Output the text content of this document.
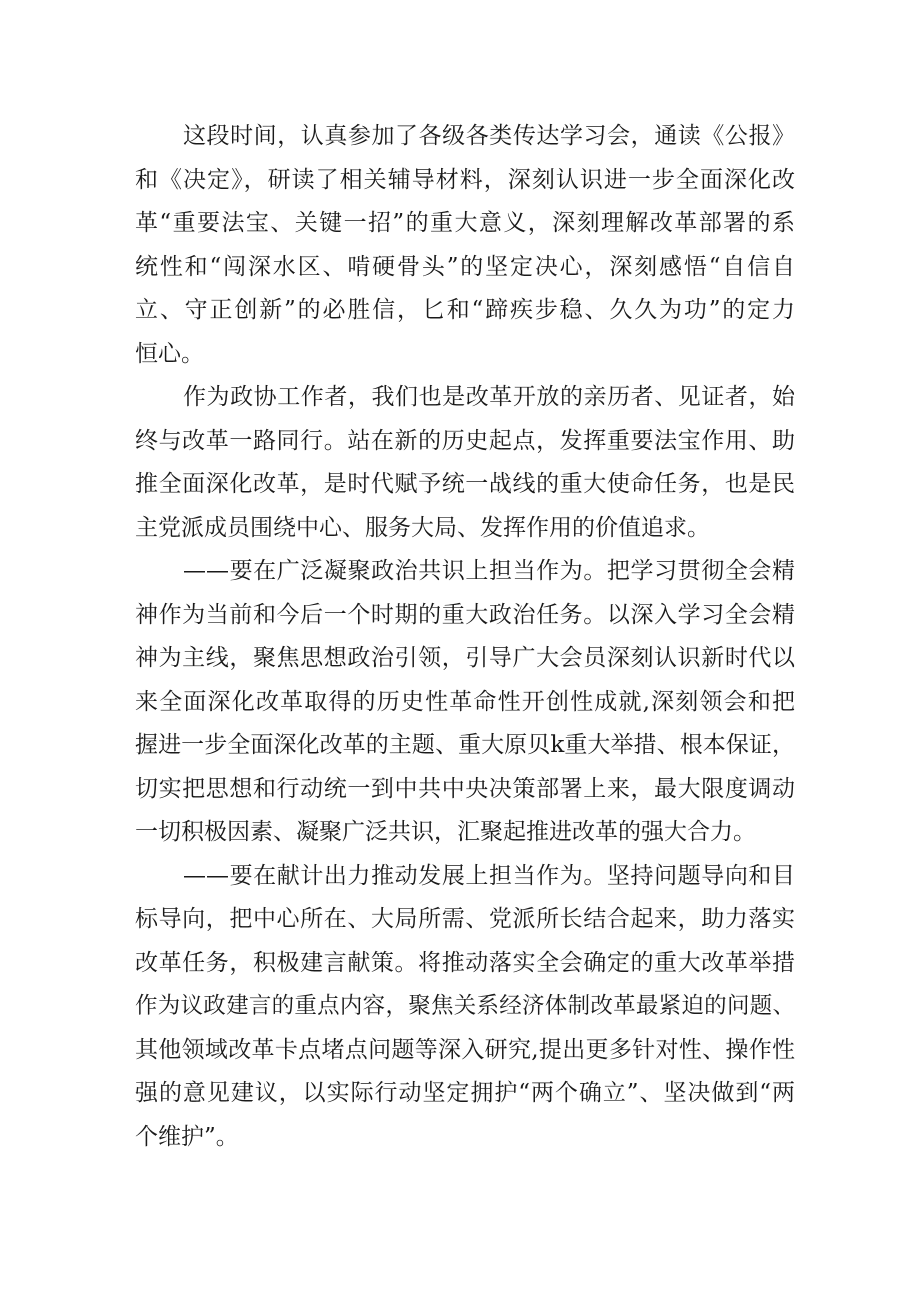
这段时间，认真参加了各级各类传达学习会，通读《公报》
和《决定》，研读了相关辅导材料，深刻认识进一步全面深化改
革“重要法宝、关键一招”的重大意义，深刻理解改革部署的系
统性和“闯深水区、啃硬骨头”的坚定决心，深刻感悟“自信自
立、守正创新”的必胜信，匕和“蹄疾步稳、久久为功”的定力
恒心。
作为政协工作者，我们也是改革开放的亲历者、见证者，始
终与改革一路同行。站在新的历史起点，发挥重要法宝作用、助
推全面深化改革，是时代赋予统一战线的重大使命任务，也是民
主党派成员围绕中心、服务大局、发挥作用的价值追求。
——要在广泛凝聚政治共识上担当作为。把学习贯彻全会精
神作为当前和今后一个时期的重大政治任务。以深入学习全会精
神为主线，聚焦思想政治引领，引导广大会员深刻认识新时代以
来全面深化改革取得的历史性革命性开创性成就,深刻领会和把
握进一步全面深化改革的主题、重大原贝k重大举措、根本保证，
切实把思想和行动统一到中共中央决策部署上来，最大限度调动
一切积极因素、凝聚广泛共识，汇聚起推进改革的强大合力。
——要在献计出力推动发展上担当作为。坚持问题导向和目
标导向，把中心所在、大局所需、党派所长结合起来，助力落实
改革任务，积极建言献策。将推动落实全会确定的重大改革举措
作为议政建言的重点内容，聚焦关系经济体制改革最紧迫的问题、
其他领域改革卡点堵点问题等深入研究,提出更多针对性、操作性
强的意见建议，以实际行动坚定拥护“两个确立”、坚决做到“两
个维护”。
